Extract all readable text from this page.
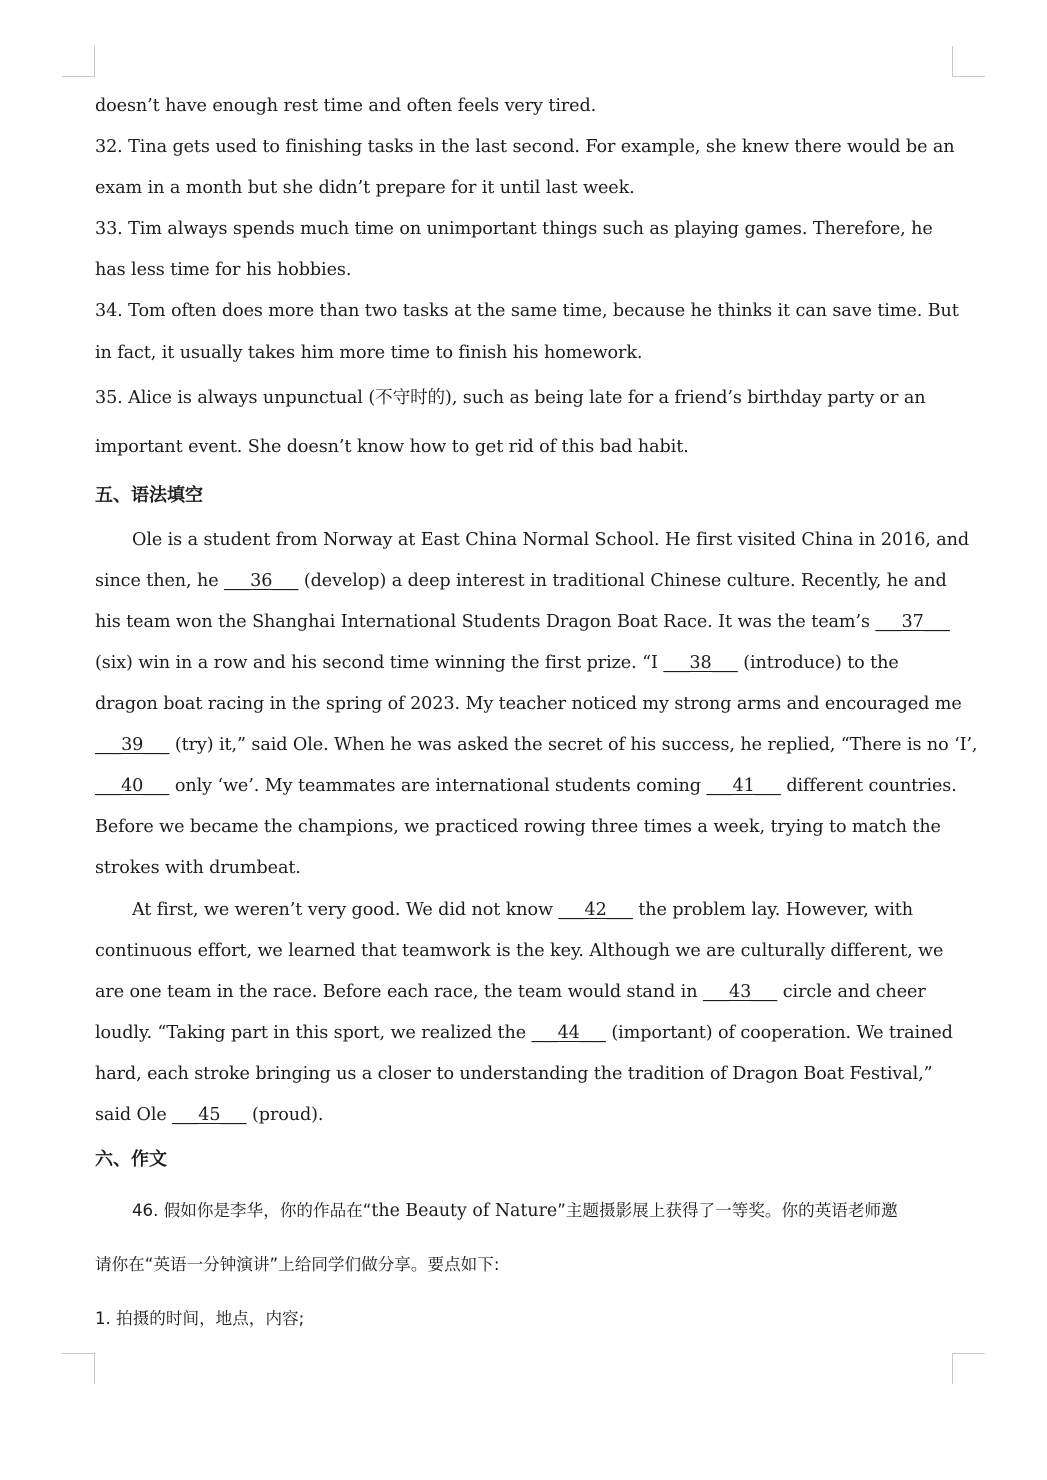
doesn’t have enough rest time and often feels very tired.
32. Tina gets used to finishing tasks in the last second. For example, she knew there would be an
exam in a month but she didn’t prepare for it until last week.
33. Tim always spends much time on unimportant things such as playing games. Therefore, he
has less time for his hobbies.
34. Tom often does more than two tasks at the same time, because he thinks it can save time. But
in fact, it usually takes him more time to finish his homework.
35. Alice is always unpunctual (不守时的), such as being late for a friend’s birthday party or an
important event. She doesn’t know how to get rid of this bad habit.
五、语法填空
Ole is a student from Norway at East China Normal School. He first visited China in 2016, and
since then, he ___36___ (develop) a deep interest in traditional Chinese culture. Recently, he and
his team won the Shanghai International Students Dragon Boat Race. It was the team’s ___37___
(six) win in a row and his second time winning the first prize. “I ___38___ (introduce) to the
dragon boat racing in the spring of 2023. My teacher noticed my strong arms and encouraged me
___39___ (try) it,” said Ole. When he was asked the secret of his success, he replied, “There is no ‘I’,
___40___ only ‘we’. My teammates are international students coming ___41___ different countries.
Before we became the champions, we practiced rowing three times a week, trying to match the
strokes with drumbeat.
At first, we weren’t very good. We did not know ___42___ the problem lay. However, with
continuous effort, we learned that teamwork is the key. Although we are culturally different, we
are one team in the race. Before each race, the team would stand in ___43___ circle and cheer
loudly. “Taking part in this sport, we realized the ___44___ (important) of cooperation. We trained
hard, each stroke bringing us a closer to understanding the tradition of Dragon Boat Festival,”
said Ole ___45___ (proud).
六、作文
46. 假如你是李华，你的作品在“the Beauty of Nature”主题摄影展上获得了一等奖。你的英语老师邀
请你在“英语一分钟演讲”上给同学们做分享。要点如下:
1. 拍摄的时间，地点，内容;
